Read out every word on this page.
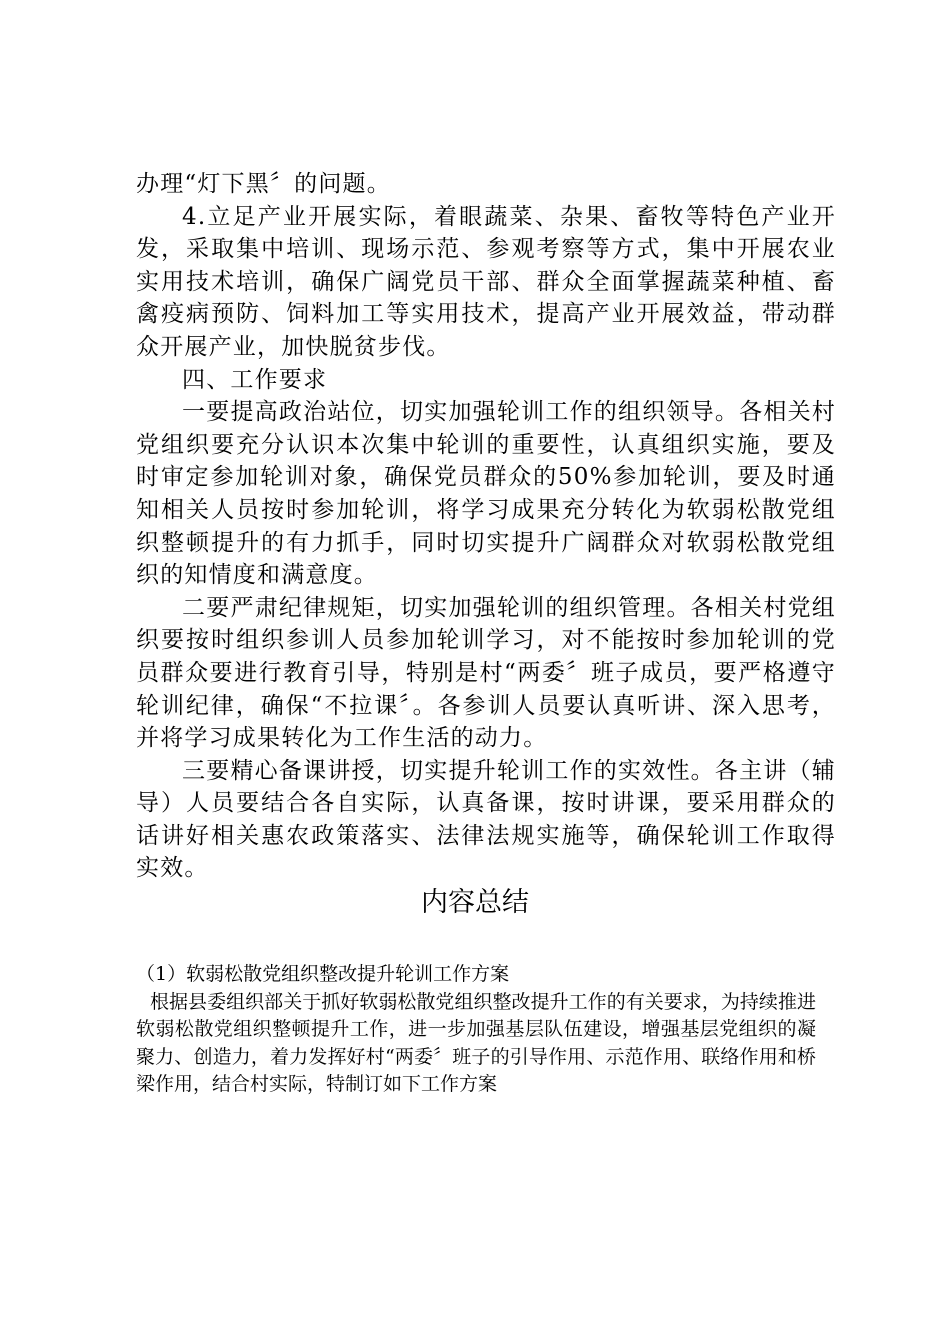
办理“灯下黑〞的问题。

4.立足产业开展实际，着眼蔬菜、杂果、畜牧等特色产业开发，采取集中培训、现场示范、参观考察等方式，集中开展农业实用技术培训，确保广阔党员干部、群众全面掌握蔬菜种植、畜禽疫病预防、饲料加工等实用技术，提高产业开展效益，带动群众开展产业，加快脱贫步伐。

四、工作要求

一要提高政治站位，切实加强轮训工作的组织领导。各相关村党组织要充分认识本次集中轮训的重要性，认真组织实施，要及时审定参加轮训对象，确保党员群众的50%参加轮训，要及时通知相关人员按时参加轮训，将学习成果充分转化为软弱松散党组织整顿提升的有力抓手，同时切实提升广阔群众对软弱松散党组织的知情度和满意度。

二要严肃纪律规矩，切实加强轮训的组织管理。各相关村党组织要按时组织参训人员参加轮训学习，对不能按时参加轮训的党员群众要进行教育引导，特别是村“两委〞班子成员，要严格遵守轮训纪律，确保“不拉课〞。各参训人员要认真听讲、深入思考，并将学习成果转化为工作生活的动力。

三要精心备课讲授，切实提升轮训工作的实效性。各主讲（辅导）人员要结合各自实际，认真备课，按时讲课，要采用群众的话讲好相关惠农政策落实、法律法规实施等，确保轮训工作取得实效。

内容总结

（1）软弱松散党组织整改提升轮训工作方案

根据县委组织部关于抓好软弱松散党组织整改提升工作的有关要求，为持续推进软弱松散党组织整顿提升工作，进一步加强基层队伍建设，增强基层党组织的凝聚力、创造力，着力发挥好村“两委〞班子的引导作用、示范作用、联络作用和桥梁作用，结合村实际，特制订如下工作方案
